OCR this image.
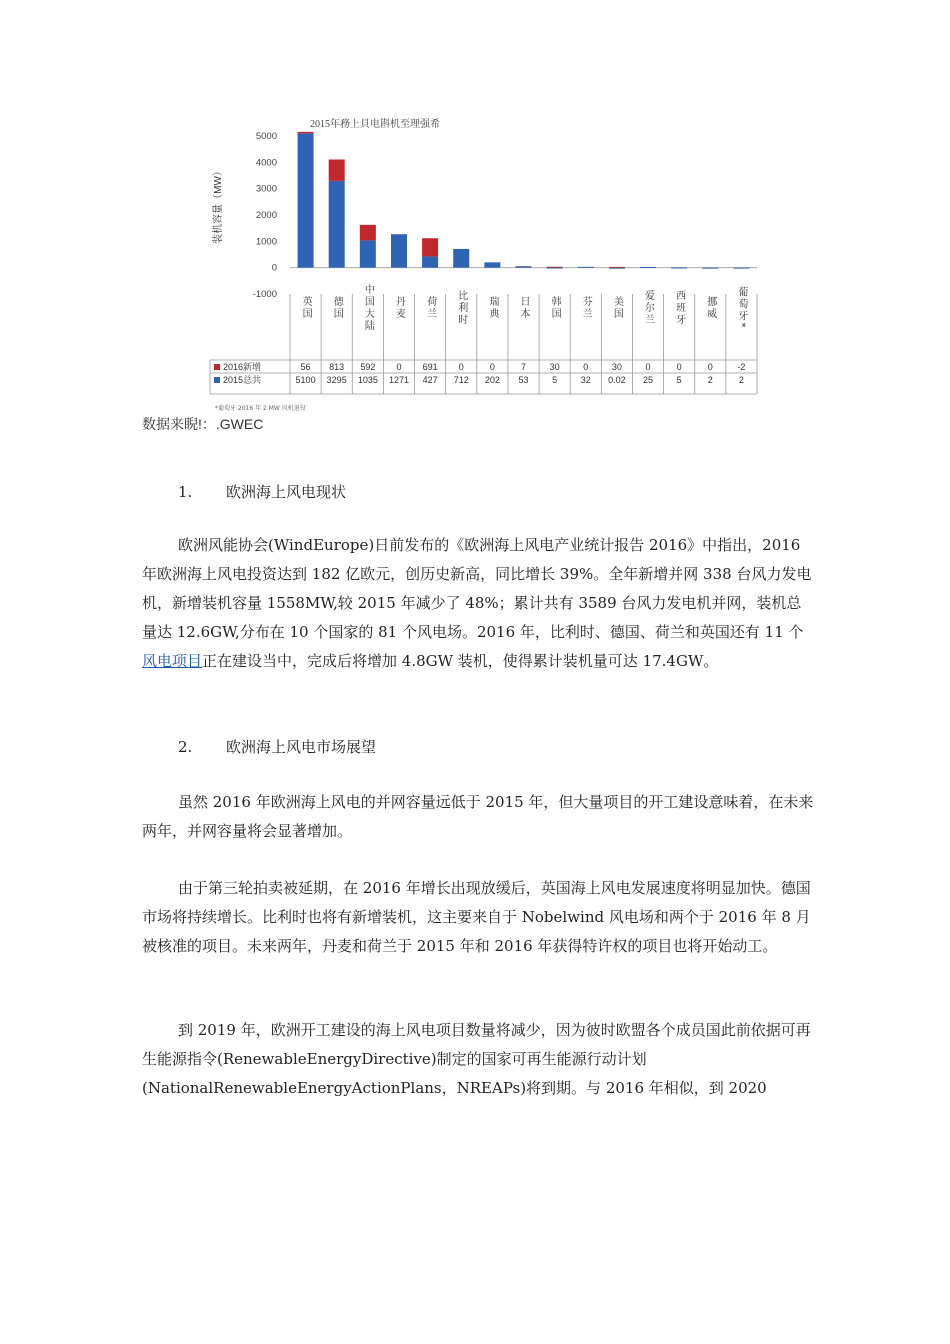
2015年務上貝电斟机至理强希
装机容量（MW）
5000
4000
3000
2000
1000
0
-1000
英国 德国 中国大陆 丹麦 荷兰 比利时 瑞典 日本 韩国 芬兰 美国 爱尔兰 西班牙 挪威 葡萄牙*
2016新增	56 813 592 0 691 0	0	7	30	0	30	0	0	0	-2
2015总共	5100 3295 1035 1271 427 712 202 53	5	32 0.02 25	5	2	2
*葡萄牙 2016 年 2 MW 风机退役
数据来睨!：.GWEC
1. 欧洲海上风电现状

欧洲风能协会(WindEurope)日前发布的《欧洲海上风电产业统计报告 2016》中指出，2016 年欧洲海上风电投资达到 182 亿欧元，创历史新高，同比增长 39%。全年新增并网 338 台风力发电机，新增装机容量 1558MW,较 2015 年减少了 48%；累计共有 3589 台风力发电机并网，装机总量达 12.6GW,分布在 10 个国家的 81 个风电场。2016 年，比利时、德国、荷兰和英国还有 11 个风电项目正在建设当中，完成后将增加 4.8GW 装机，使得累计装机量可达 17.4GW。

2. 欧洲海上风电市场展望

虽然 2016 年欧洲海上风电的并网容量远低于 2015 年，但大量项目的开工建设意味着，在未来两年，并网容量将会显著增加。

由于第三轮拍卖被延期，在 2016 年增长出现放缓后，英国海上风电发展速度将明显加快。德国市场将持续增长。比利时也将有新增装机，这主要来自于 Nobelwind 风电场和两个于 2016 年 8 月被核准的项目。未来两年，丹麦和荷兰于 2015 年和 2016 年获得特许权的项目也将开始动工。

到 2019 年，欧洲开工建设的海上风电项目数量将减少，因为彼时欧盟各个成员国此前依据可再生能源指令(RenewableEnergyDirective)制定的国家可再生能源行动计划(NationalRenewableEnergyActionPlans，NREAPs)将到期。与 2016 年相似，到 2020
